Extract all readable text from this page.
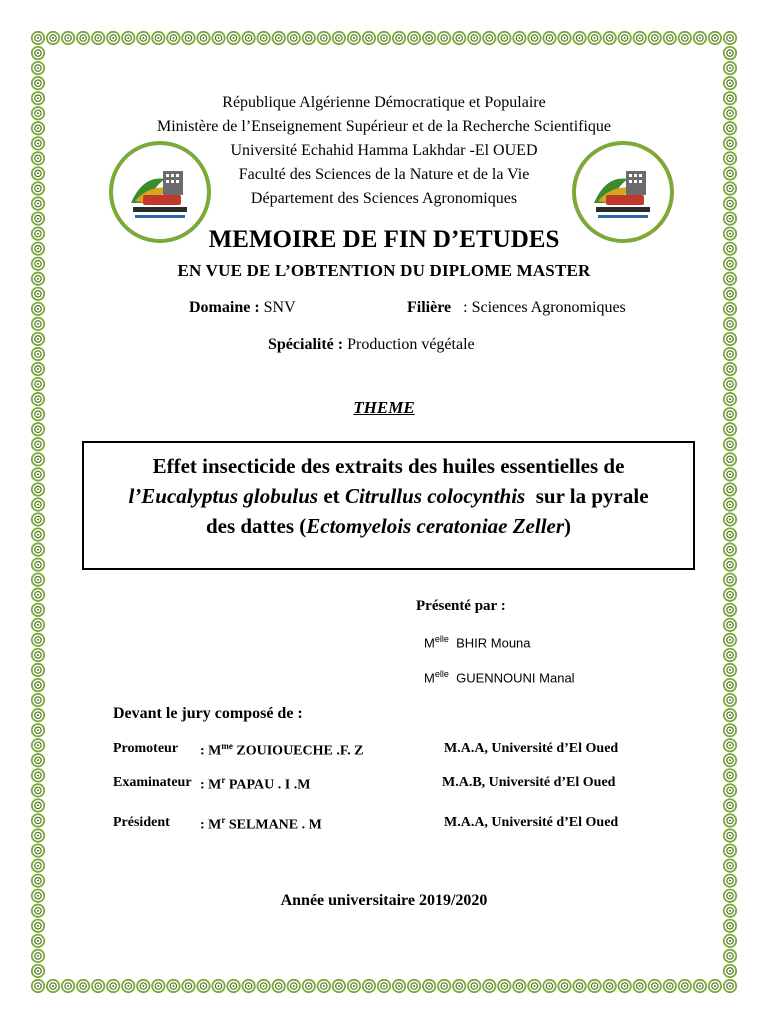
République Algérienne Démocratique et Populaire
Ministère de l’Enseignement Supérieur et de la Recherche Scientifique
Université Echahid Hamma Lakhdar -El OUED
Faculté des Sciences de la Nature et de la Vie
Département des Sciences Agronomiques
MEMOIRE DE FIN D’ETUDES
EN VUE DE L’OBTENTION DU DIPLOME MASTER
Domaine : SNV	Filière : Sciences Agronomiques
Spécialité : Production végétale
THEME
Effet insecticide des extraits des huiles essentielles de
l’Eucalyptus globulus et Citrullus colocynthis sur la pyrale
des dattes (Ectomyelois ceratoniae Zeller)
Présenté par :
$M^{elle}$ BHIR Mouna
$M^{elle}$ GUENNOUNI Manal
Devant le jury composé de :
Promoteur : $M^{me}$ ZOUIOUECHE .F. Z	M.A.A, Université d’El Oued
Examinateur : $M^r$ PAPAU . I .M	M.A.B, Université d’El Oued
Président : $M^r$ SELMANE . M	M.A.A, Université d’El Oued
Année universitaire 2019/2020
